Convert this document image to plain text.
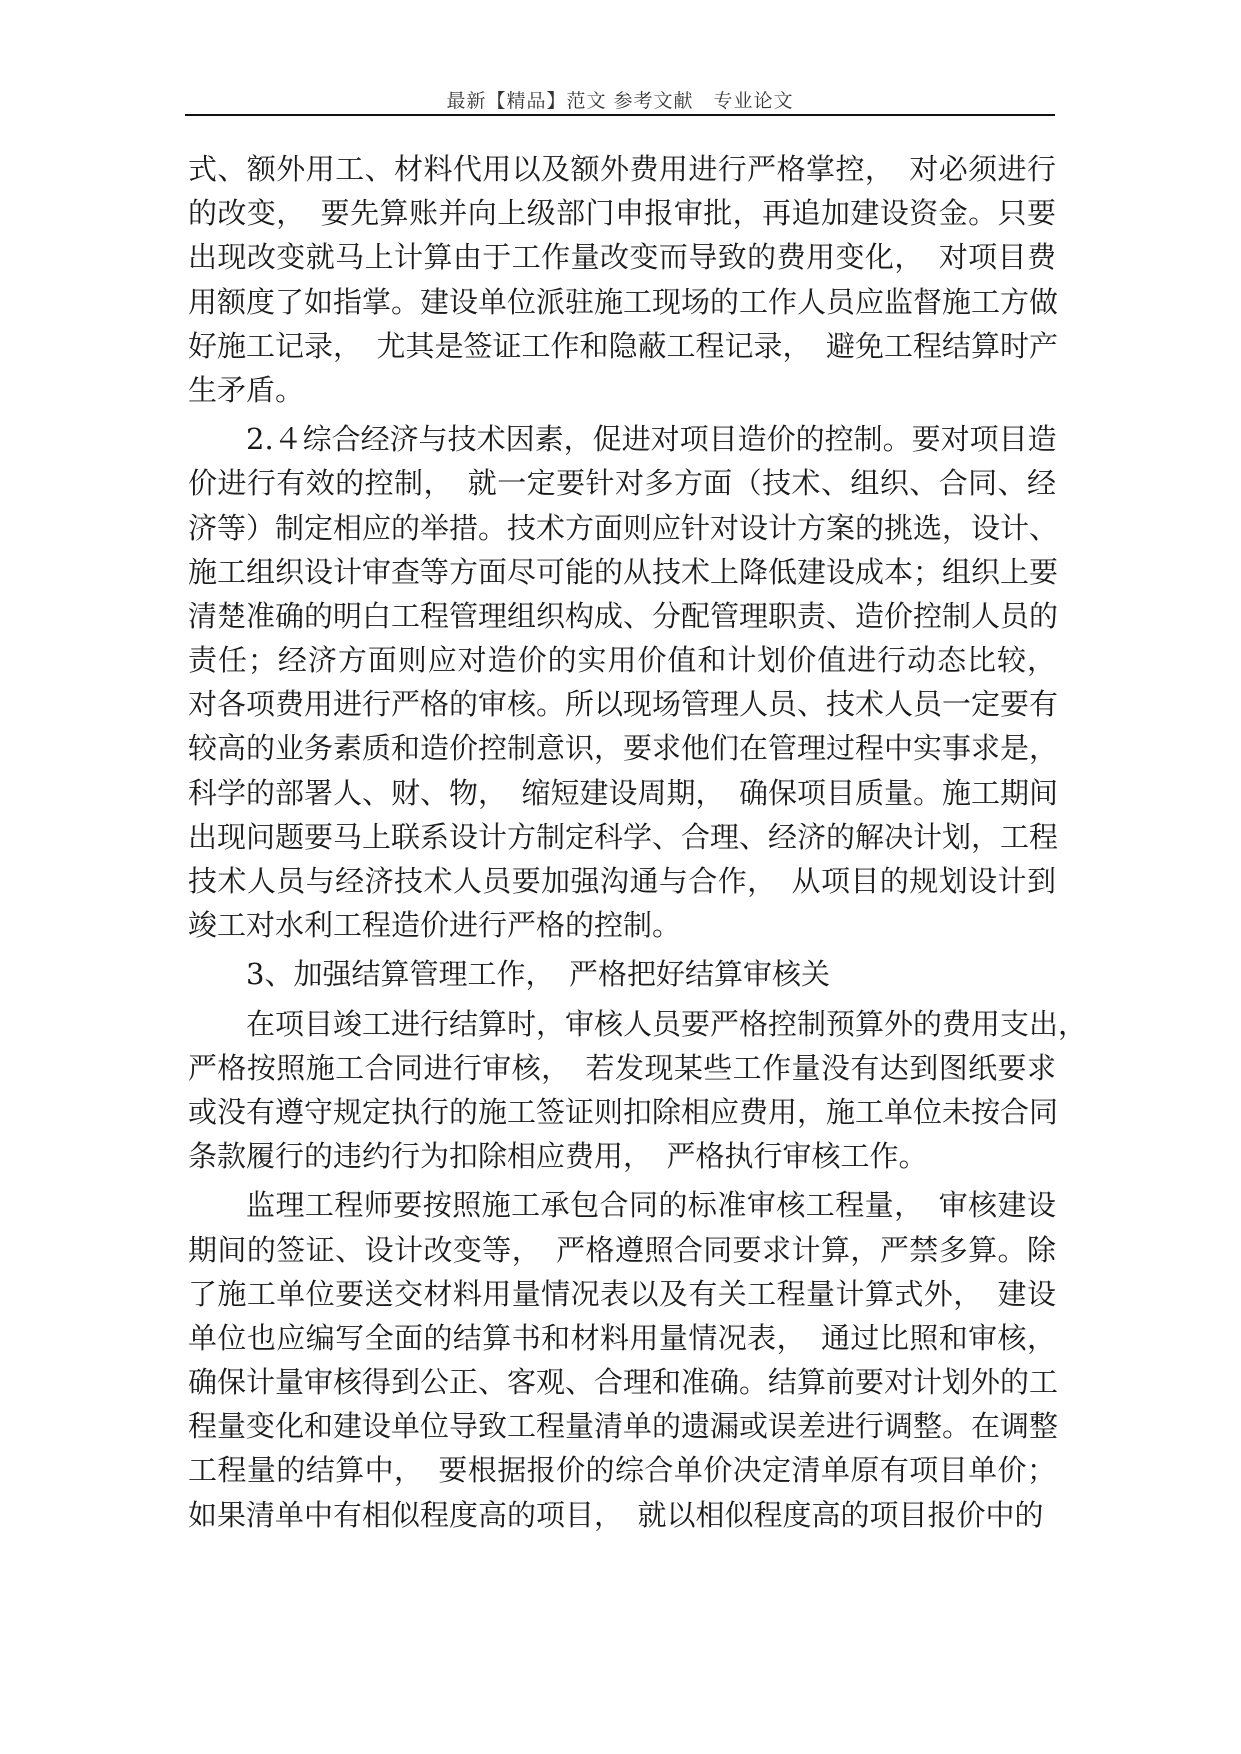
最新【精品】范文 参考文献　专业论文
式、额外用工、材料代用以及额外费用进行严格掌控，　对必须进行
的改变，　要先算账并向上级部门申报审批，再追加建设资金。只要
出现改变就马上计算由于工作量改变而导致的费用变化，　对项目费
用额度了如指掌。建设单位派驻施工现场的工作人员应监督施工方做
好施工记录，　尤其是签证工作和隐蔽工程记录，　避免工程结算时产
生矛盾。
2.４综合经济与技术因素，促进对项目造价的控制。要对项目造
价进行有效的控制，　就一定要针对多方面（技术、组织、合同、经
济等）制定相应的举措。技术方面则应针对设计方案的挑选，设计、
施工组织设计审查等方面尽可能的从技术上降低建设成本；组织上要
清楚准确的明白工程管理组织构成、分配管理职责、造价控制人员的
责任；经济方面则应对造价的实用价值和计划价值进行动态比较，
对各项费用进行严格的审核。所以现场管理人员、技术人员一定要有
较高的业务素质和造价控制意识，要求他们在管理过程中实事求是，
科学的部署人、财、物，　缩短建设周期，　确保项目质量。施工期间
出现问题要马上联系设计方制定科学、合理、经济的解决计划，工程
技术人员与经济技术人员要加强沟通与合作，　从项目的规划设计到
竣工对水利工程造价进行严格的控制。
3、加强结算管理工作，　严格把好结算审核关
在项目竣工进行结算时，审核人员要严格控制预算外的费用支出，
严格按照施工合同进行审核，　若发现某些工作量没有达到图纸要求
或没有遵守规定执行的施工签证则扣除相应费用，施工单位未按合同
条款履行的违约行为扣除相应费用，　严格执行审核工作。
监理工程师要按照施工承包合同的标准审核工程量，　审核建设
期间的签证、设计改变等，　严格遵照合同要求计算，严禁多算。除
了施工单位要送交材料用量情况表以及有关工程量计算式外，　建设
单位也应编写全面的结算书和材料用量情况表，　通过比照和审核，
确保计量审核得到公正、客观、合理和准确。结算前要对计划外的工
程量变化和建设单位导致工程量清单的遗漏或误差进行调整。在调整
工程量的结算中，　要根据报价的综合单价决定清单原有项目单价；
如果清单中有相似程度高的项目，　就以相似程度高的项目报价中的
